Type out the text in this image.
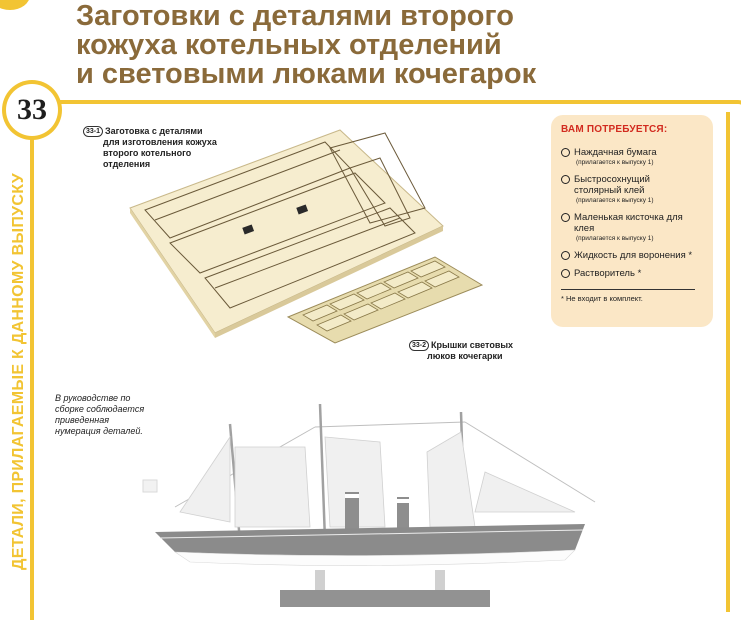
Заготовки с деталями второго
кожуха котельных отделений
и световыми люками кочегарок
33
ДЕТАЛИ, ПРИЛАГАЕМЫЕ К ДАННОМУ ВЫПУСКУ
33-1 Заготовка с деталями
для изготовления кожуха
второго котельного
отделения
33-2 Крышки световых
люков кочегарки
ВАМ ПОТРЕБУЕТСЯ:
Наждачная бумага
(прилагается к выпуску 1)
Быстросохнущий столярный клей
(прилагается к выпуску 1)
Маленькая кисточка для клея
(прилагается к выпуску 1)
Жидкость для воронения *
Растворитель *
* Не входит в комплект.
В руководстве по сборке соблюдается приведенная нумерация деталей.
